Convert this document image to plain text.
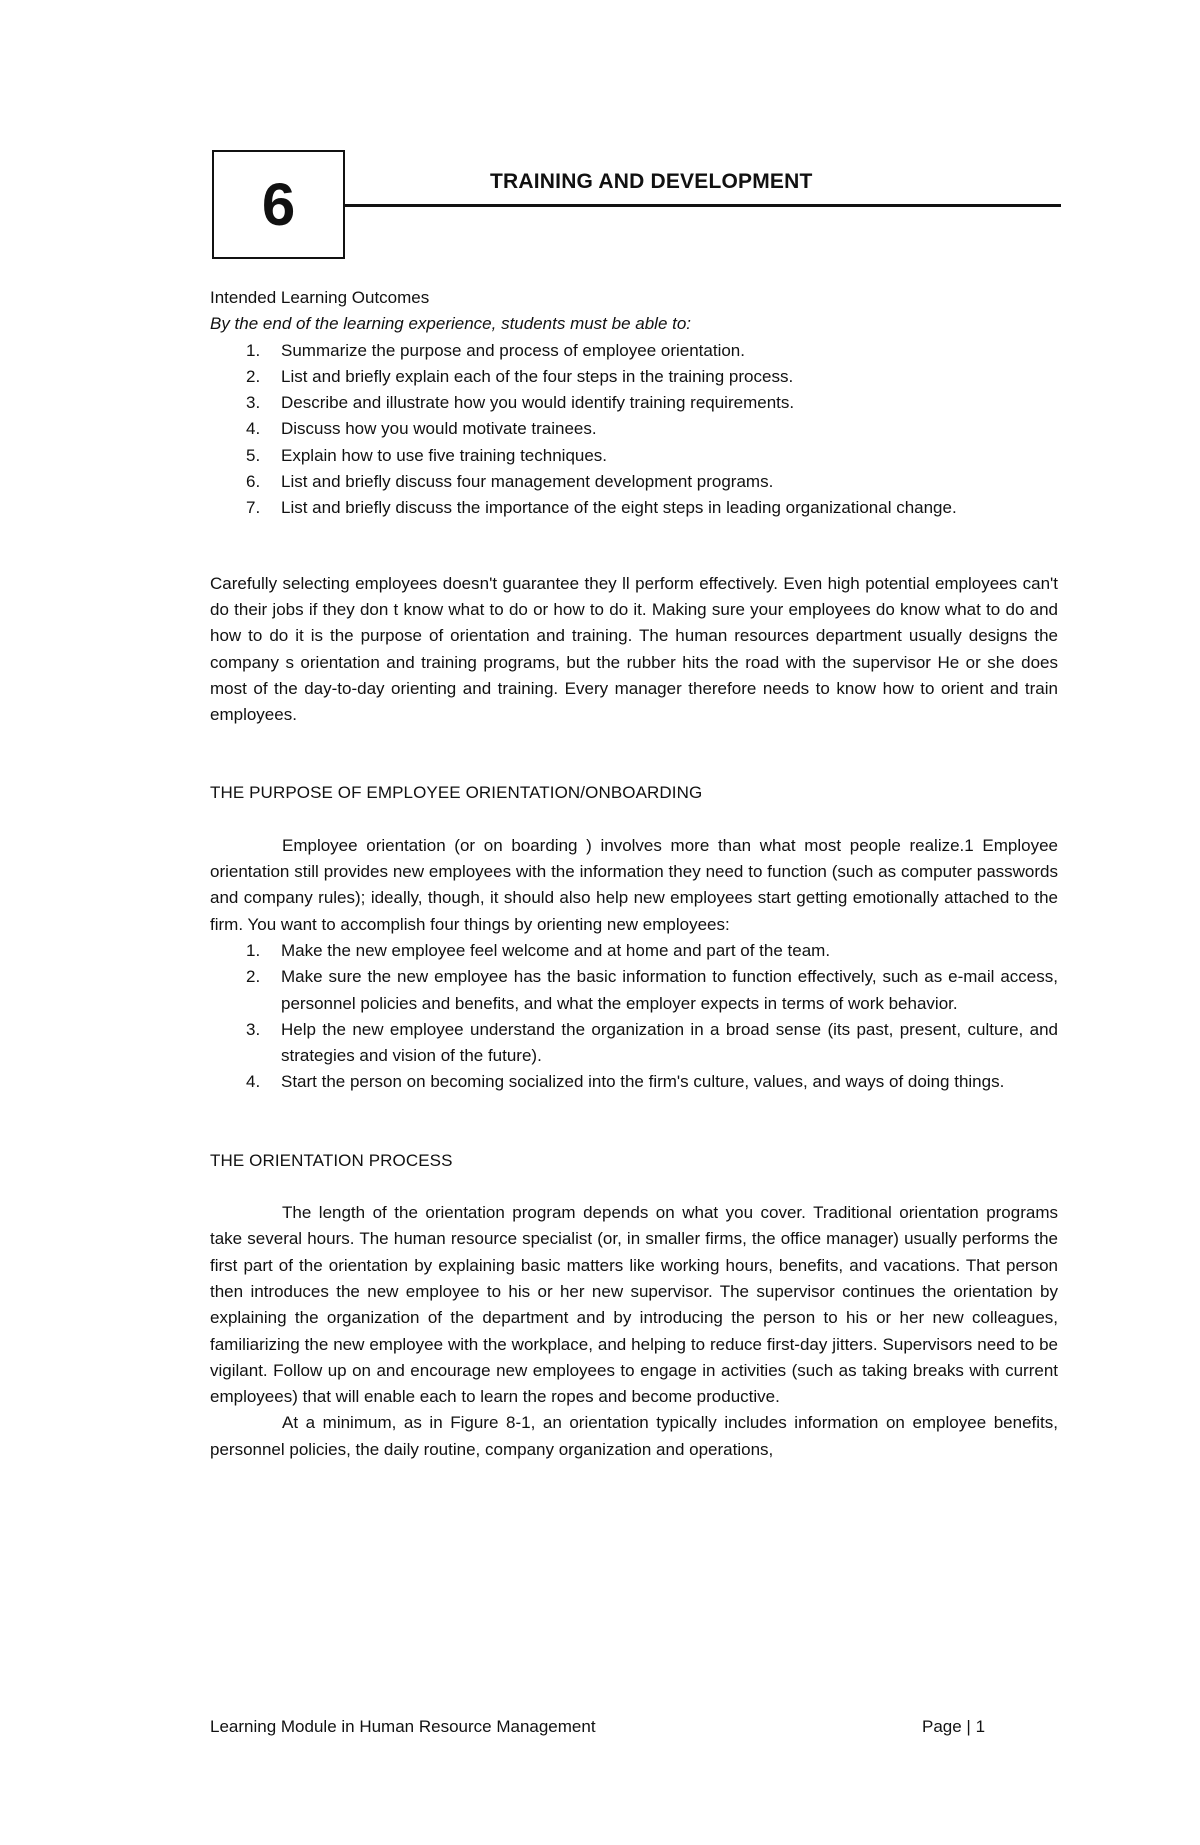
6	TRAINING AND DEVELOPMENT

Intended Learning Outcomes

By the end of the learning experience, students must be able to:

1. Summarize the purpose and process of employee orientation.
2. List and briefly explain each of the four steps in the training process.
3. Describe and illustrate how you would identify training requirements.
4. Discuss how you would motivate trainees.
5. Explain how to use five training techniques.
6. List and briefly discuss four management development programs.
7. List and briefly discuss the importance of the eight steps in leading organizational change.

Carefully selecting employees doesn't guarantee they ll perform effectively. Even high potential employees can't do their jobs if they don t know what to do or how to do it. Making sure your employees do know what to do and how to do it is the purpose of orientation and training. The human resources department usually designs the company s orientation and training programs, but the rubber hits the road with the supervisor He or she does most of the day-to-day orienting and training. Every manager therefore needs to know how to orient and train employees.

THE PURPOSE OF EMPLOYEE ORIENTATION/ONBOARDING

Employee orientation (or on boarding ) involves more than what most people realize.1 Employee orientation still provides new employees with the information they need to function (such as computer passwords and company rules); ideally, though, it should also help new employees start getting emotionally attached to the firm. You want to accomplish four things by orienting new employees:

1. Make the new employee feel welcome and at home and part of the team.
2. Make sure the new employee has the basic information to function effectively, such as e-mail access, personnel policies and benefits, and what the employer expects in terms of work behavior.
3. Help the new employee understand the organization in a broad sense (its past, present, culture, and strategies and vision of the future).
4. Start the person on becoming socialized into the firm's culture, values, and ways of doing things.

THE ORIENTATION PROCESS

The length of the orientation program depends on what you cover. Traditional orientation programs take several hours. The human resource specialist (or, in smaller firms, the office manager) usually performs the first part of the orientation by explaining basic matters like working hours, benefits, and vacations. That person then introduces the new employee to his or her new supervisor. The supervisor continues the orientation by explaining the organization of the department and by introducing the person to his or her new colleagues, familiarizing the new employee with the workplace, and helping to reduce first-day jitters. Supervisors need to be vigilant. Follow up on and encourage new employees to engage in activities (such as taking breaks with current employees) that will enable each to learn the ropes and become productive.

At a minimum, as in Figure 8-1, an orientation typically includes information on employee benefits, personnel policies, the daily routine, company organization and operations,

Learning Module in Human Resource Management	Page | 1
